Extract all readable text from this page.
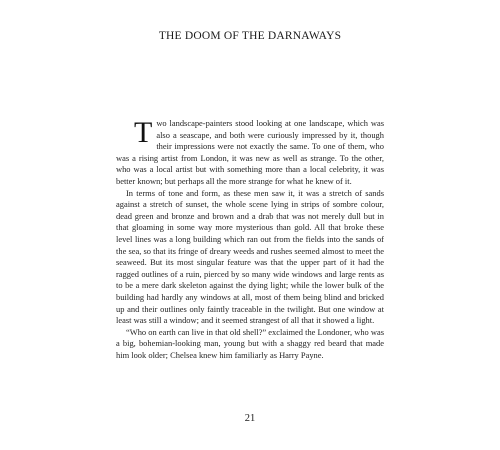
THE DOOM OF THE DARNAWAYS

Two landscape-painters stood looking at one landscape, which was also a seascape, and both were curiously impressed by it, though their impressions were not exactly the same. To one of them, who was a rising artist from London, it was new as well as strange. To the other, who was a local artist but with something more than a local celebrity, it was better known; but perhaps all the more strange for what he knew of it.

In terms of tone and form, as these men saw it, it was a stretch of sands against a stretch of sunset, the whole scene lying in strips of sombre colour, dead green and bronze and brown and a drab that was not merely dull but in that gloaming in some way more mysterious than gold. All that broke these level lines was a long building which ran out from the fields into the sands of the sea, so that its fringe of dreary weeds and rushes seemed almost to meet the seaweed. But its most singular feature was that the upper part of it had the ragged outlines of a ruin, pierced by so many wide windows and large rents as to be a mere dark skeleton against the dying light; while the lower bulk of the building had hardly any windows at all, most of them being blind and bricked up and their outlines only faintly traceable in the twilight. But one window at least was still a window; and it seemed strangest of all that it showed a light.

“Who on earth can live in that old shell?” exclaimed the Londoner, who was a big, bohemian-looking man, young but with a shaggy red beard that made him look older; Chelsea knew him familiarly as Harry Payne.

21
